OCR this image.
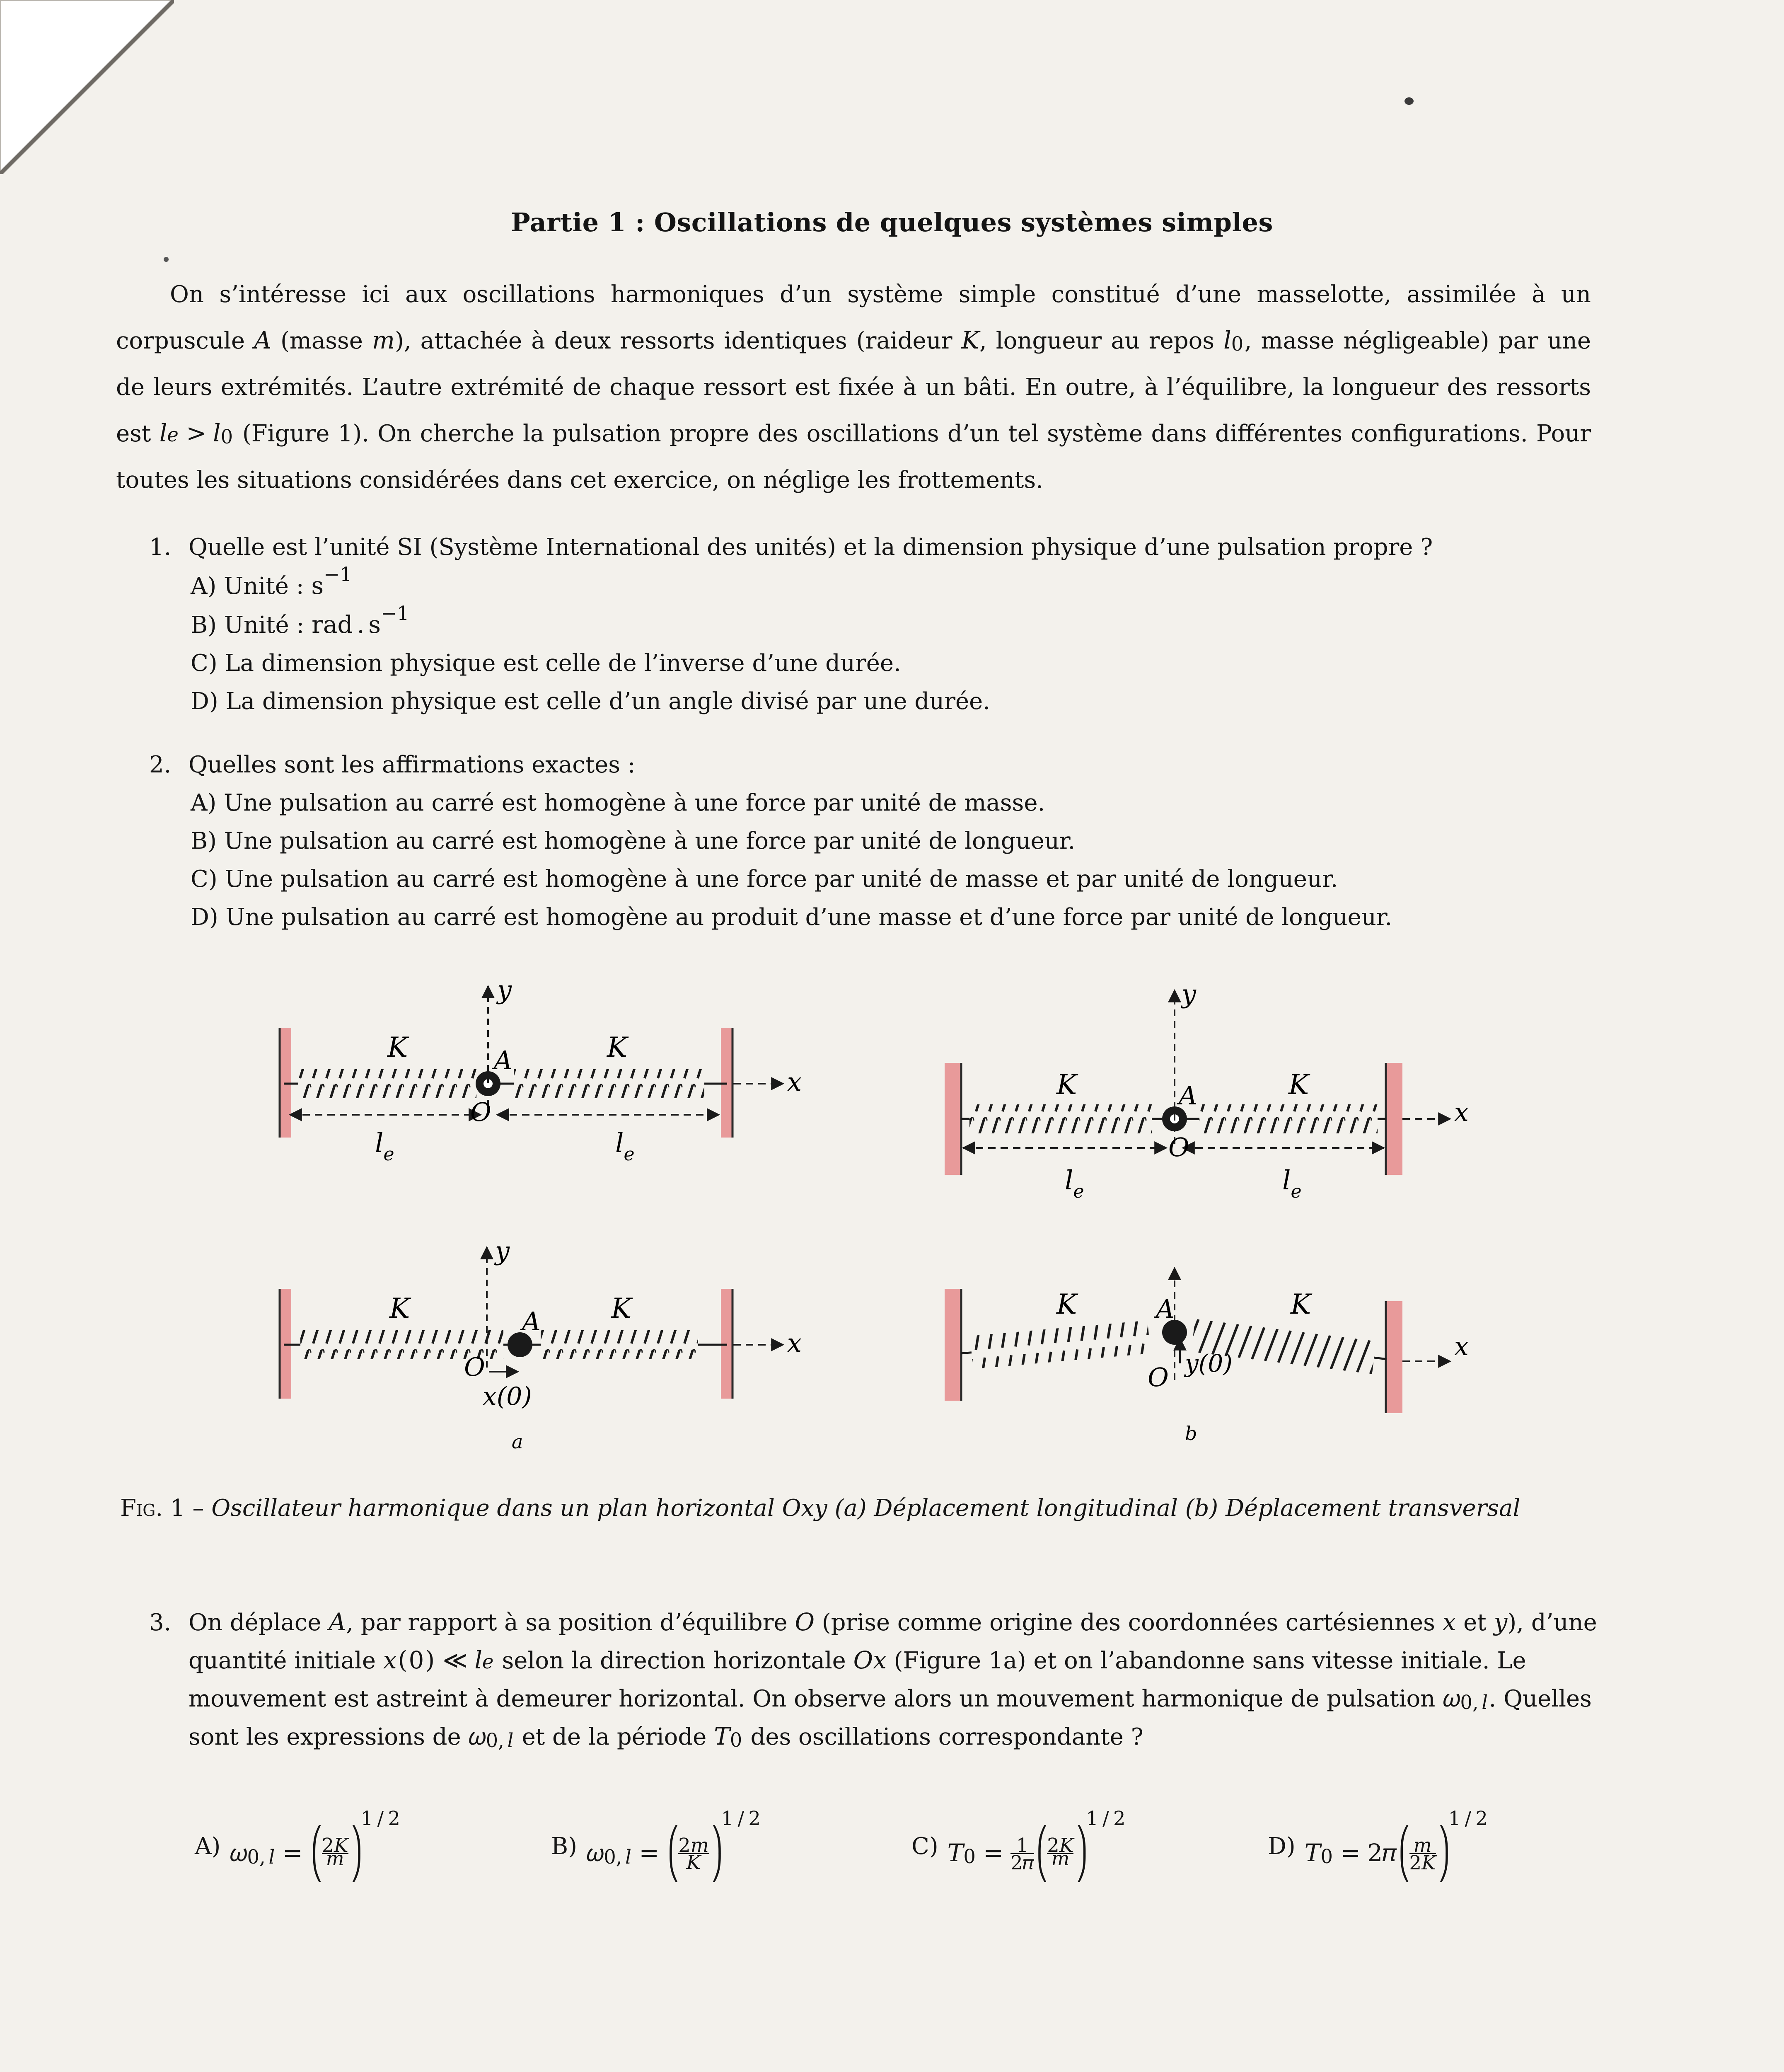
Partie 1 : Oscillations de quelques systèmes simples

On s’intéresse ici aux oscillations harmoniques d’un système simple constitué d’une masselotte, assimilée à un corpuscule A (masse m ), attachée à deux ressorts identiques (raideur K , longueur au repos l 0 , masse négligeable) par une de leurs extrémités. L’autre extrémité de chaque ressort est fixée à un bâti. En outre, à l’équilibre, la longueur des ressorts est l e > l 0 (Figure 1). On cherche la pulsation propre des oscillations d’un tel système dans différentes configurations. Pour toutes les situations considérées dans cet exercice, on néglige les frottements.

1. Quelle est l’unité SI (Système International des unités) et la dimension physique d’une pulsation propre ?
A) Unité : s − 1
B) Unité : rad . s − 1
C) La dimension physique est celle de l’inverse d’une durée.
D) La dimension physique est celle d’un angle divisé par une durée.
2. Quelles sont les affirmations exactes :
A) Une pulsation au carré est homogène à une force par unité de masse.
B) Une pulsation au carré est homogène à une force par unité de longueur.
C) Une pulsation au carré est homogène à une force par unité de masse et par unité de longueur.
D) Une pulsation au carré est homogène au produit d’une masse et d’une force par unité de longueur.
K	K
A
O
y
x
$l_e$	$l_e$
K	K
A
O
y
x
x(0)
a
K	K
A
O
y
x
$l_e$	$l_e$
K	K
A
O
x
y(0)
b
Fig. 1 – Oscillateur harmonique dans un plan horizontal Oxy (a) Déplacement longitudinal (b) Déplacement transversal
3. On déplace A , par rapport à sa position d’équilibre O (prise comme origine des coordonnées cartésiennes x et y ), d’une quantité initiale x ( 0 ) ≪ l e selon la direction horizontale O x (Figure 1a) et on l’abandonne sans vitesse initiale. Le mouvement est astreint à demeurer horizontal. On observe alors un mouvement harmonique de pulsation ω 0 , l . Quelles sont les expressions de ω 0 , l et de la période T 0 des oscillations correspondante ?
A) ω 0 , l = ( 2 K
𝑚
)
1 / 2
B) ω 0 , l = ( 2 m
𝐾
)
1 / 2
C) T 0 = 1
2 π
( 2 K
𝑚
)
1 / 2
D) T 0 = 2 π ( m
2 K
)
1 / 2
